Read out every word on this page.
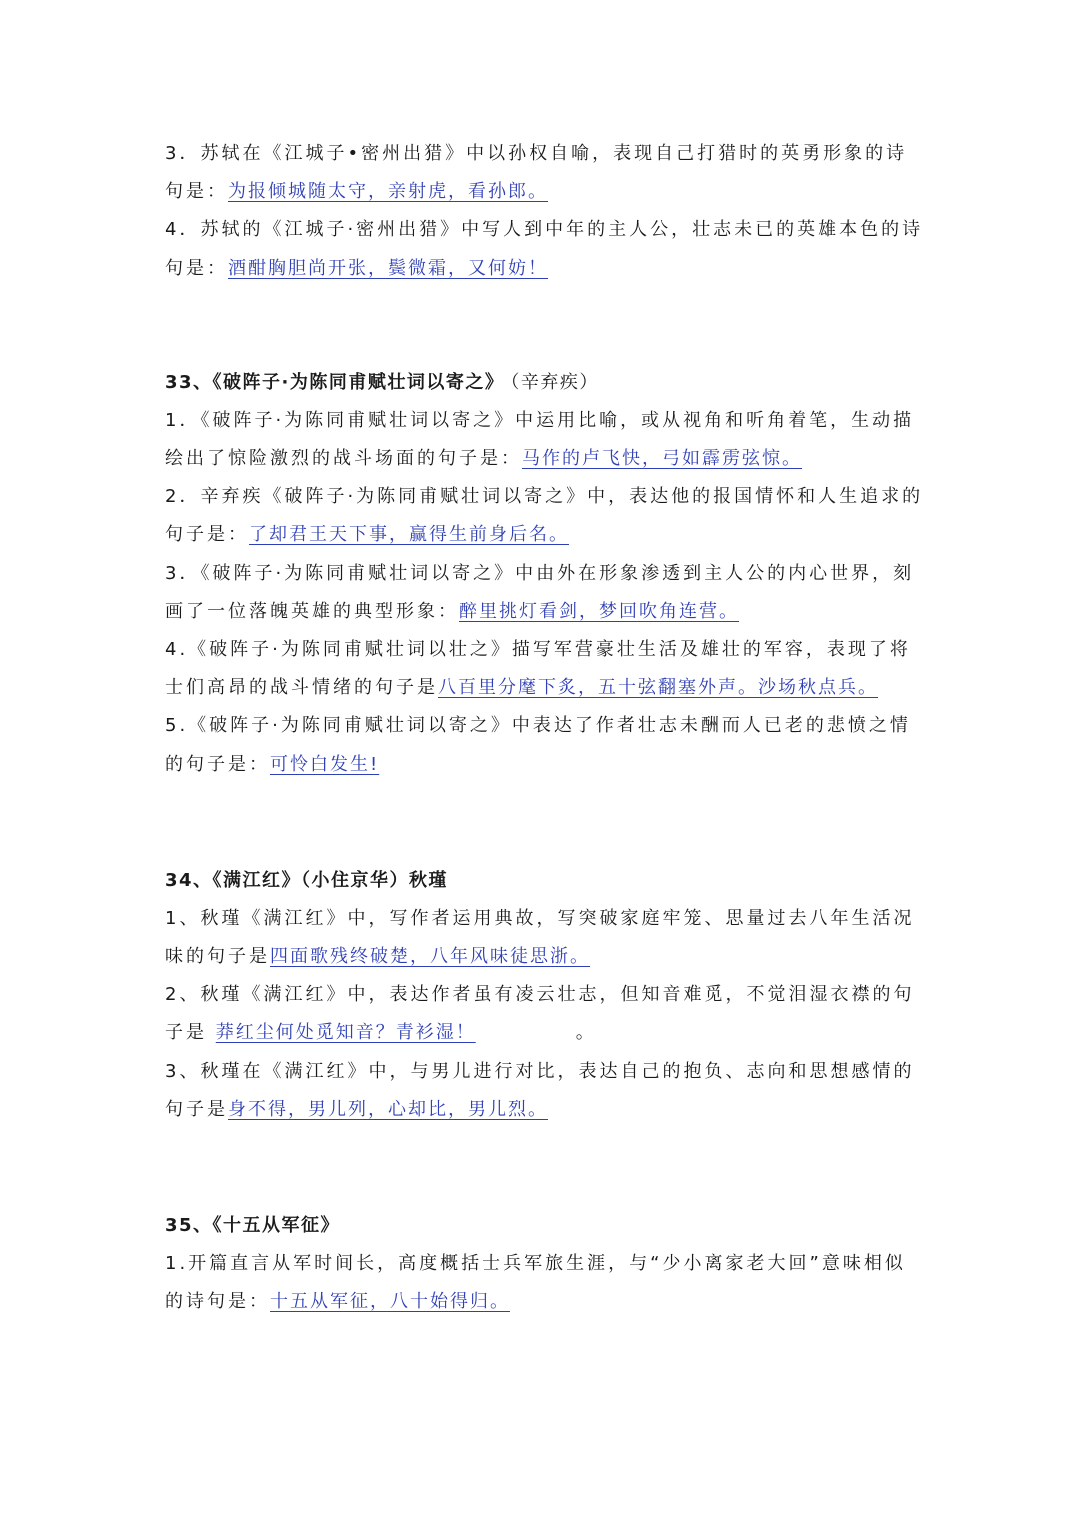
3．苏轼在《江城子•密州出猎》中以孙权自喻，表现自己打猎时的英勇形象的诗句是：为报倾城随太守，亲射虎，看孙郎。
4．苏轼的《江城子·密州出猎》中写人到中年的主人公，壮志未已的英雄本色的诗句是：酒酣胸胆尚开张，鬓微霜，又何妨！
33、《破阵子·为陈同甫赋壮词以寄之》 （辛弃疾）
1．《破阵子·为陈同甫赋壮词以寄之》中运用比喻，或从视角和听角着笔，生动描绘出了惊险激烈的战斗场面的句子是：马作的卢飞快，弓如霹雳弦惊。
2．辛弃疾《破阵子·为陈同甫赋壮词以寄之》中，表达他的报国情怀和人生追求的句子是：了却君王天下事，赢得生前身后名。
3．《破阵子·为陈同甫赋壮词以寄之》中由外在形象渗透到主人公的内心世界，刻画了一位落魄英雄的典型形象：醉里挑灯看剑，梦回吹角连营。
4.《破阵子·为陈同甫赋壮词以壮之》描写军营豪壮生活及雄壮的军容，表现了将士们高昂的战斗情绪的句子是八百里分麾下炙，五十弦翻塞外声。沙场秋点兵。
5.《破阵子·为陈同甫赋壮词以寄之》中表达了作者壮志未酬而人已老的悲愤之情的句子是：可怜白发生!
34、《满江红》（小住京华）秋瑾
1、秋瑾《满江红》中，写作者运用典故，写突破家庭牢笼、思量过去八年生活况味的句子是四面歌残终破楚，八年风味徒思浙。
2、秋瑾《满江红》中，表达作者虽有凌云壮志，但知音难觅，不觉泪湿衣襟的句子是 莽红尘何处觅知音？青衫湿！	。
3、秋瑾在《满江红》中，与男儿进行对比，表达自己的抱负、志向和思想感情的句子是身不得，男儿列，心却比，男儿烈。
35、《十五从军征》
1.开篇直言从军时间长，高度概括士兵军旅生涯，与“少小离家老大回”意味相似的诗句是：十五从军征，八十始得归。
